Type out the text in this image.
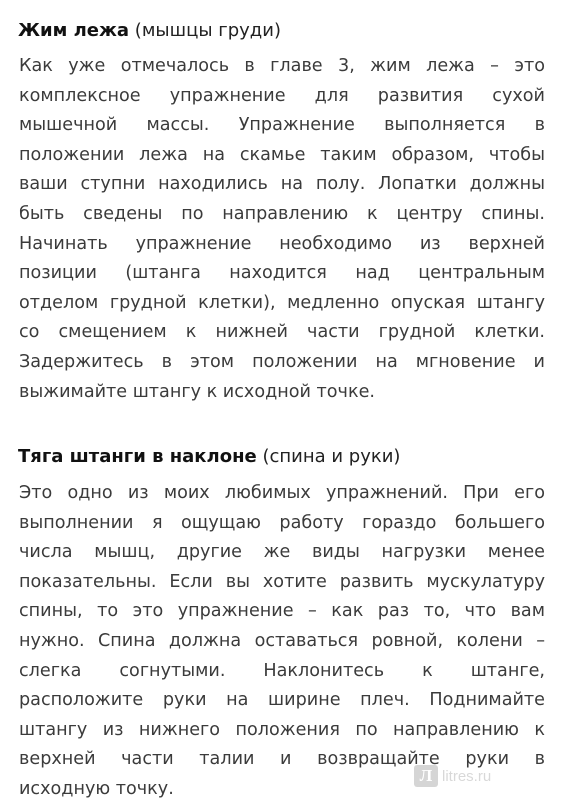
Жим лежа (мышцы груди)
Как уже отмечалось в главе 3, жим лежа – это
комплексное упражнение для развития сухой
мышечной массы. Упражнение выполняется в
положении лежа на скамье таким образом, чтобы
ваши ступни находились на полу. Лопатки должны
быть сведены по направлению к центру спины.
Начинать упражнение необходимо из верхней
позиции (штанга находится над центральным
отделом грудной клетки), медленно опуская штангу
со смещением к нижней части грудной клетки.
Задержитесь в этом положении на мгновение и
выжимайте штангу к исходной точке.
Тяга штанги в наклоне (спина и руки)
Это одно из моих любимых упражнений. При его
выполнении я ощущаю работу гораздо большего
числа мышц, другие же виды нагрузки менее
показательны. Если вы хотите развить мускулатуру
спины, то это упражнение – как раз то, что вам
нужно. Спина должна оставаться ровной, колени –
слегка согнутыми. Наклонитесь к штанге,
расположите руки на ширине плеч. Поднимайте
штангу из нижнего положения по направлению к
верхней части талии и возвращайте руки в
исходную точку.
Л litres.ru
